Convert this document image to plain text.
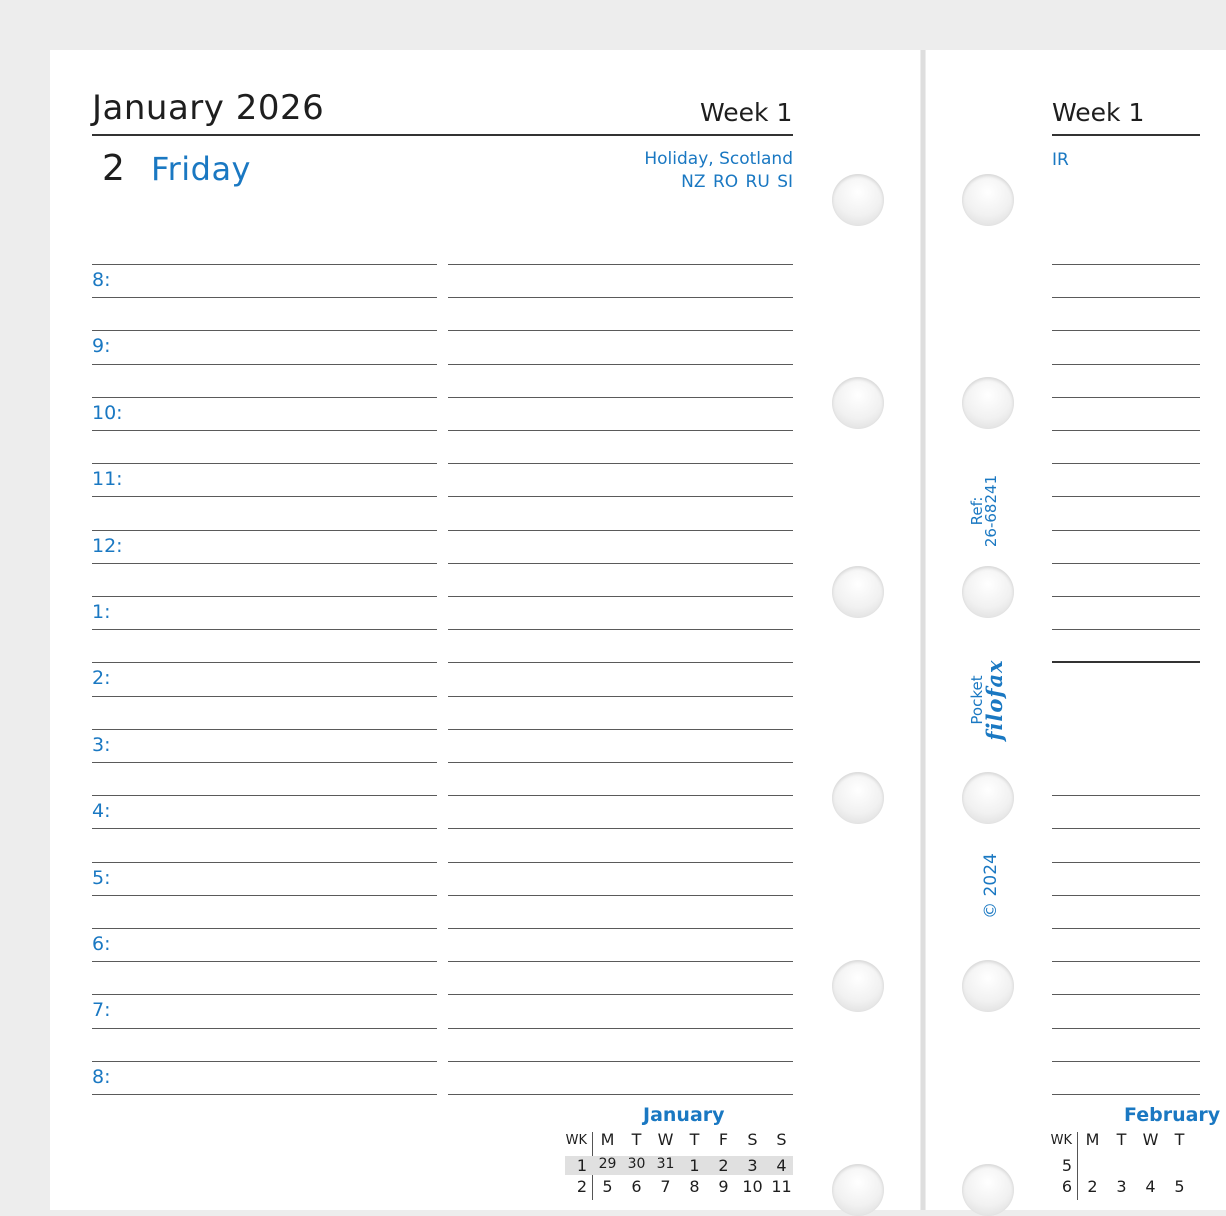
January 2026	Week 1
2 Friday	Holiday, Scotland
NZ RO RU SI
8:
9:
10:
11:
12:
1:
2:
3:
4:
5:
6:
7:
8:
Week 1
IR
Ref:
26-68241
Pocket
filofax
© 2024
January
WK M	T	W	T	F	S	S
1 29 30 31 1	2	3	4
2 5	6	7	8	9 10 11
February
WK M	T	W	T
5
6 2	3	4	5
